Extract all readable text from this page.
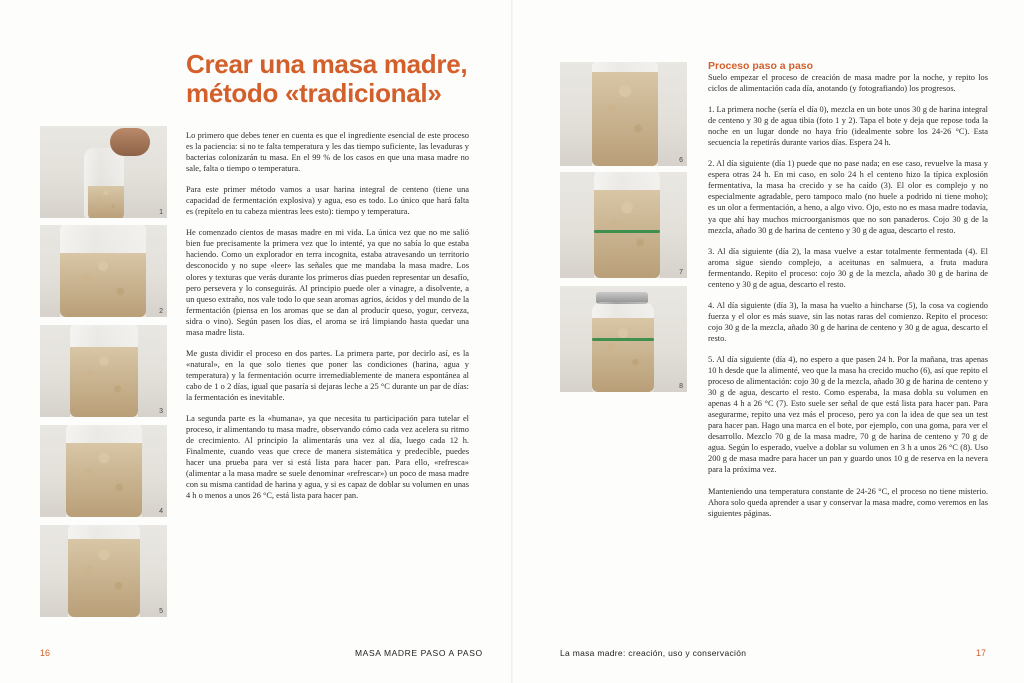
1
2
3
4
5
Crear una masa madre,
método «tradicional»

Lo primero que debes tener en cuenta es que el ingrediente esencial de este proceso es la paciencia: si no te falta temperatura y les das tiempo suficiente, las levaduras y bacterias colonizarán tu masa. En el 99 % de los casos en que una masa madre no sale, falta o tiempo o temperatura.

Para este primer método vamos a usar harina integral de centeno (tiene una capacidad de fermentación explosiva) y agua, eso es todo. Lo único que hará falta es (repítelo en tu cabeza mientras lees esto): tiempo y temperatura.

He comenzado cientos de masas madre en mi vida. La única vez que no me salió bien fue precisamente la primera vez que lo intenté, ya que no sabía lo que estaba haciendo. Como un explorador en terra incognita, estaba atravesando un territorio desconocido y no supe «leer» las señales que me mandaba la masa madre. Los olores y texturas que verás durante los primeros días pueden representar un desafío, pero persevera y lo conseguirás. Al principio puede oler a vinagre, a disolvente, a un queso extraño, nos vale todo lo que sean aromas agrios, ácidos y del mundo de la fermentación (piensa en los aromas que se dan al producir queso, yogur, cerveza, sidra o vino). Según pasen los días, el aroma se irá limpiando hasta quedar una masa madre lista.

Me gusta dividir el proceso en dos partes. La primera parte, por decirlo así, es la «natural», en la que solo tienes que poner las condiciones (harina, agua y temperatura) y la fermentación ocurre irremediablemente de manera espontánea al cabo de 1 o 2 días, igual que pasaría si dejaras leche a 25 °C durante un par de días: la fermentación es inevitable.

La segunda parte es la «humana», ya que necesita tu participación para tutelar el proceso, ir alimentando tu masa madre, observando cómo cada vez acelera su ritmo de crecimiento. Al principio la alimentarás una vez al día, luego cada 12 h. Finalmente, cuando veas que crece de manera sistemática y predecible, puedes hacer una prueba para ver si está lista para hacer pan. Para ello, «refresca» (alimentar a la masa madre se suele denominar «refrescar») un poco de masa madre con su misma cantidad de harina y agua, y si es capaz de doblar su volumen en unas 4 h o menos a unos 26 °C, está lista para hacer pan.

6
7
8
Proceso paso a paso

Suelo empezar el proceso de creación de masa madre por la noche, y repito los ciclos de alimentación cada día, anotando (y fotografiando) los progresos.

1. La primera noche (sería el día 0), mezcla en un bote unos 30 g de harina integral de centeno y 30 g de agua tibia (foto 1 y 2). Tapa el bote y deja que repose toda la noche en un lugar donde no haya frío (idealmente sobre los 24-26 °C). Esta secuencia la repetirás durante varios días. Espera 24 h.

2. Al día siguiente (día 1) puede que no pase nada; en ese caso, revuelve la masa y espera otras 24 h. En mi caso, en solo 24 h el centeno hizo la típica explosión fermentativa, la masa ha crecido y se ha caído (3). El olor es complejo y no especialmente agradable, pero tampoco malo (no huele a podrido ni tiene moho); es un olor a fermentación, a heno, a algo vivo. Ojo, esto no es masa madre todavía, ya que ahí hay muchos microorganismos que no son panaderos. Cojo 30 g de la mezcla, añado 30 g de harina de centeno y 30 g de agua, descarto el resto.

3. Al día siguiente (día 2), la masa vuelve a estar totalmente fermentada (4). El aroma sigue siendo complejo, a aceitunas en salmuera, a fruta madura fermentando. Repito el proceso: cojo 30 g de la mezcla, añado 30 g de harina de centeno y 30 g de agua, descarto el resto.

4. Al día siguiente (día 3), la masa ha vuelto a hincharse (5), la cosa va cogiendo fuerza y el olor es más suave, sin las notas raras del comienzo. Repito el proceso: cojo 30 g de la mezcla, añado 30 g de harina de centeno y 30 g de agua, descarto el resto.

5. Al día siguiente (día 4), no espero a que pasen 24 h. Por la mañana, tras apenas 10 h desde que la alimenté, veo que la masa ha crecido mucho (6), así que repito el proceso de alimentación: cojo 30 g de la mezcla, añado 30 g de harina de centeno y 30 g de agua, descarto el resto. Como esperaba, la masa dobla su volumen en apenas 4 h a 26 °C (7). Esto suele ser señal de que está lista para hacer pan. Para asegurarme, repito una vez más el proceso, pero ya con la idea de que sea un test para hacer pan. Hago una marca en el bote, por ejemplo, con una goma, para ver el desarrollo. Mezclo 70 g de la masa madre, 70 g de harina de centeno y 70 g de agua. Según lo esperado, vuelve a doblar su volumen en 3 h a unos 26 °C (8). Uso 200 g de masa madre para hacer un pan y guardo unos 10 g de reserva en la nevera para la próxima vez.

Manteniendo una temperatura constante de 24-26 °C, el proceso no tiene misterio. Ahora solo queda aprender a usar y conservar la masa madre, como veremos en las siguientes páginas.

16	MASA MADRE PASO A PASO	La masa madre: creación, uso y conservación	17
